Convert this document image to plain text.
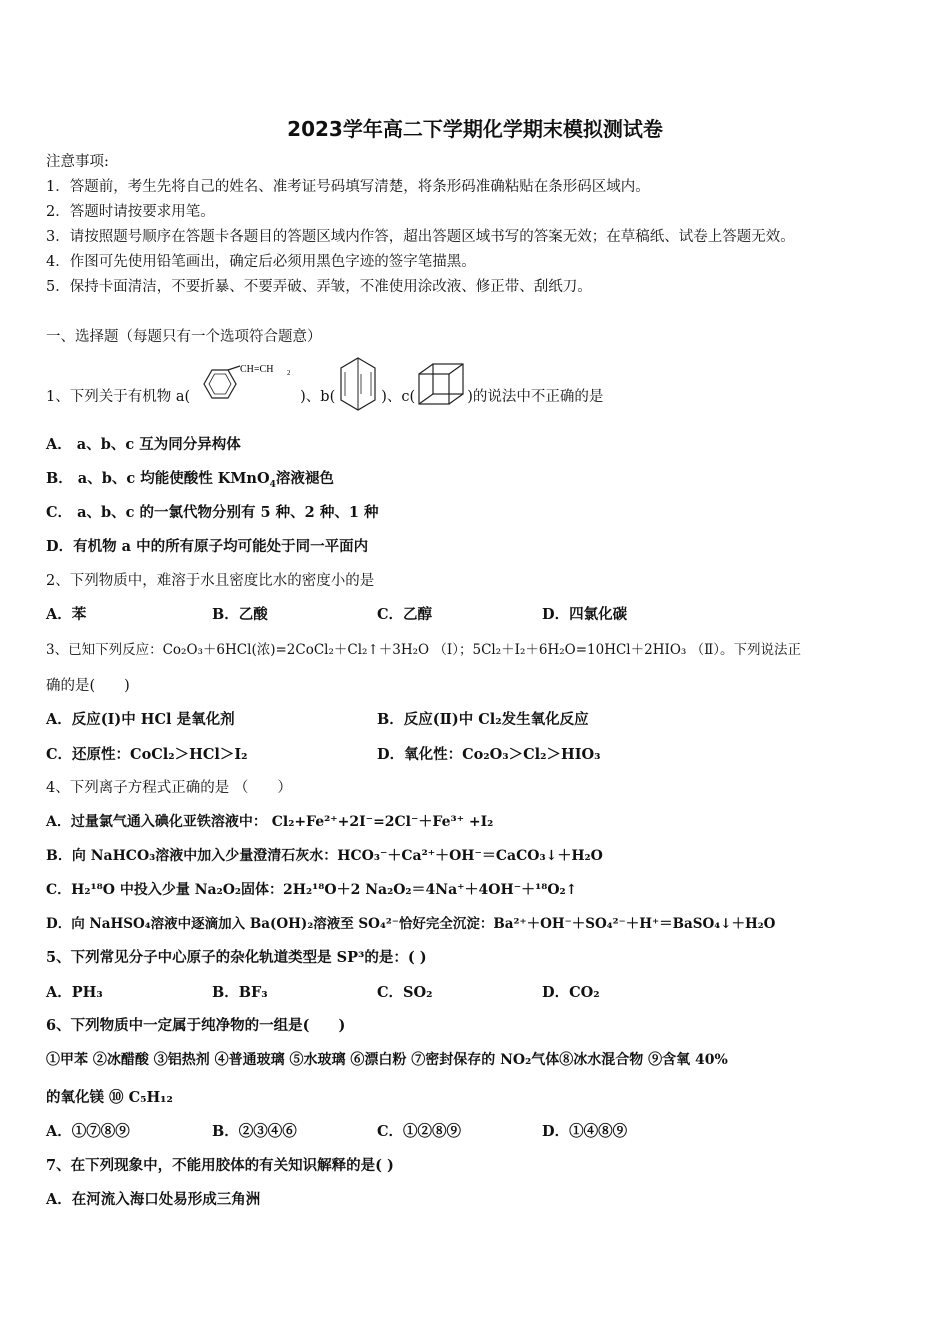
2023学年高二下学期化学期末模拟测试卷
注意事项:
1．答题前，考生先将自己的姓名、准考证号码填写清楚，将条形码准确粘贴在条形码区域内。
2．答题时请按要求用笔。
3．请按照题号顺序在答题卡各题目的答题区域内作答，超出答题区域书写的答案无效；在草稿纸、试卷上答题无效。
4．作图可先使用铅笔画出，确定后必须用黑色字迹的签字笔描黑。
5．保持卡面清洁，不要折暴、不要弄破、弄皱，不准使用涂改液、修正带、刮纸刀。
一、选择题（每题只有一个选项符合题意）
1、下列关于有机物 a(
CH=CH 2
)、b(	)、c(	)的说法中不正确的是
A． a、b、c 互为同分异构体
B． a、b、c 均能使酸性 KMnO$_4$溶液褪色
C． a、b、c 的一氯代物分别有 5 种、2 种、1 种
D．有机物 a 中的所有原子均可能处于同一平面内
2、下列物质中，难溶于水且密度比水的密度小的是
A．苯	B．乙酸	C．乙醇	D．四氯化碳
3、已知下列反应：Co₂O₃＋6HCl(浓)=2CoCl₂＋Cl₂↑＋3H₂O （Ⅰ）；5Cl₂＋I₂＋6H₂O=10HCl＋2HIO₃ （Ⅱ）。下列说法正
确的是(　　)
A．反应(Ⅰ)中 HCl 是氧化剂	B．反应(Ⅱ)中 Cl₂发生氧化反应
C．还原性：CoCl₂＞HCl＞I₂	D．氧化性：Co₂O₃＞Cl₂＞HIO₃
4、下列离子方程式正确的是 （　　）
A．过量氯气通入碘化亚铁溶液中： Cl₂+Fe²⁺+2I⁻=2Cl⁻＋Fe³⁺ +I₂
B．向 NaHCO₃溶液中加入少量澄清石灰水：HCO₃⁻＋Ca²⁺＋OH⁻＝CaCO₃↓＋H₂O
C．H₂¹⁸O 中投入少量 Na₂O₂固体：2H₂¹⁸O＋2 Na₂O₂＝4Na⁺＋4OH⁻＋¹⁸O₂↑
D．向 NaHSO₄溶液中逐滴加入 Ba(OH)₂溶液至 SO₄²⁻恰好完全沉淀：Ba²⁺＋OH⁻＋SO₄²⁻＋H⁺＝BaSO₄↓＋H₂O
5、下列常见分子中心原子的杂化轨道类型是 SP³的是：( )
A．PH₃	B．BF₃	C．SO₂	D．CO₂
6、下列物质中一定属于纯净物的一组是(　　)
①甲苯 ②冰醋酸 ③铝热剂 ④普通玻璃 ⑤水玻璃 ⑥漂白粉 ⑦密封保存的 NO₂气体⑧冰水混合物 ⑨含氧 40%
的氧化镁 ⑩ C₅H₁₂
A．①⑦⑧⑨	B．②③④⑥	C．①②⑧⑨	D．①④⑧⑨
7、在下列现象中，不能用胶体的有关知识解释的是( )
A．在河流入海口处易形成三角洲
